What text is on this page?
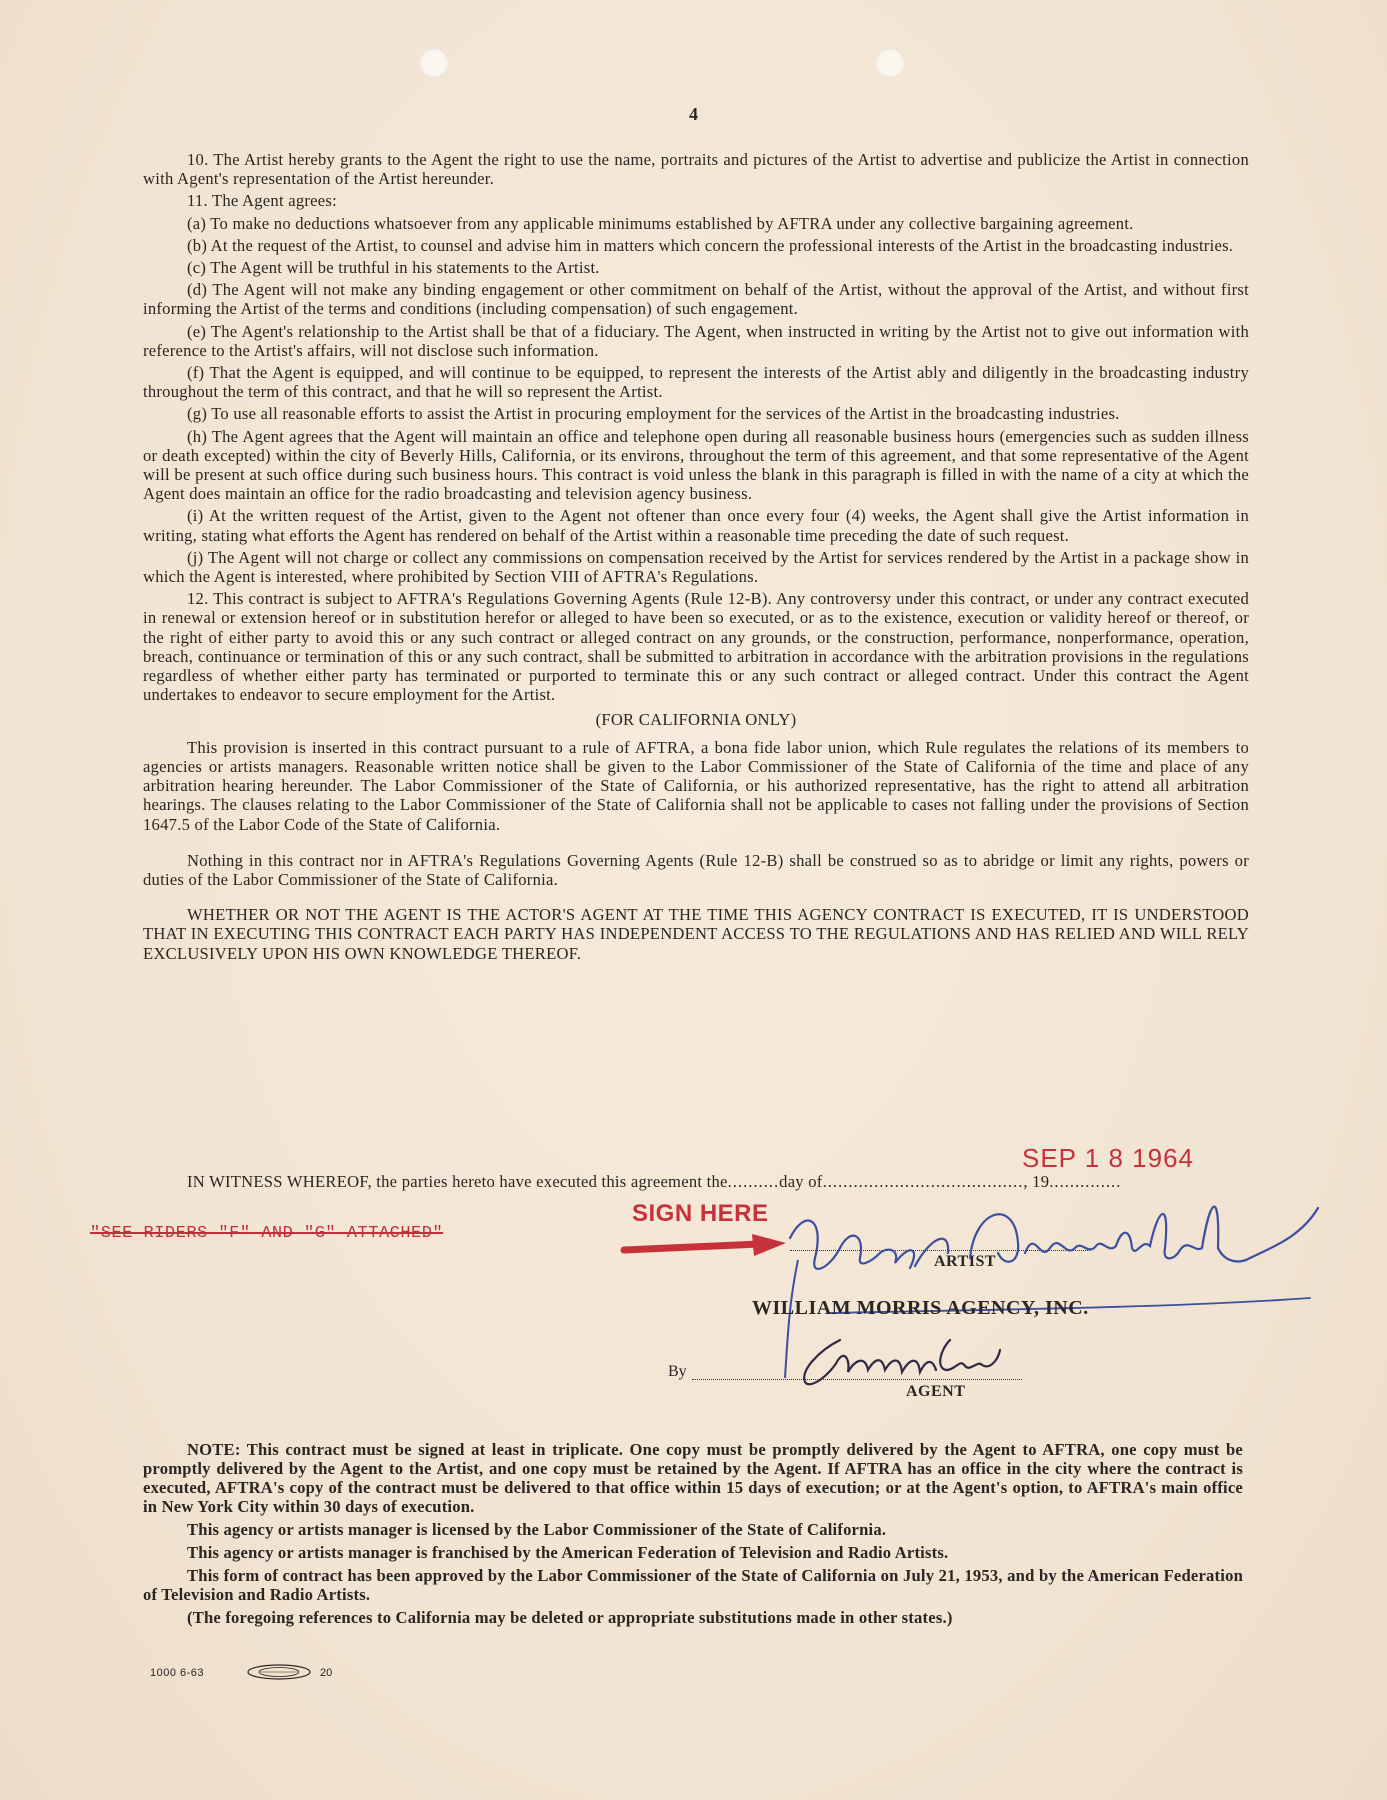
4

10. The Artist hereby grants to the Agent the right to use the name, portraits and pictures of the Artist to advertise and publicize the Artist in connection with Agent's representation of the Artist hereunder.

11. The Agent agrees:

(a) To make no deductions whatsoever from any applicable minimums established by AFTRA under any collective bargaining agreement.

(b) At the request of the Artist, to counsel and advise him in matters which concern the professional interests of the Artist in the broadcasting industries.

(c) The Agent will be truthful in his statements to the Artist.

(d) The Agent will not make any binding engagement or other commitment on behalf of the Artist, without the approval of the Artist, and without first informing the Artist of the terms and conditions (including compensation) of such engagement.

(e) The Agent's relationship to the Artist shall be that of a fiduciary. The Agent, when instructed in writing by the Artist not to give out information with reference to the Artist's affairs, will not disclose such information.

(f) That the Agent is equipped, and will continue to be equipped, to represent the interests of the Artist ably and diligently in the broadcasting industry throughout the term of this contract, and that he will so represent the Artist.

(g) To use all reasonable efforts to assist the Artist in procuring employment for the services of the Artist in the broadcasting industries.

(h) The Agent agrees that the Agent will maintain an office and telephone open during all reasonable business hours (emergencies such as sudden illness or death excepted) within the city of Beverly Hills, California, or its environs, throughout the term of this agreement, and that some representative of the Agent will be present at such office during such business hours. This contract is void unless the blank in this paragraph is filled in with the name of a city at which the Agent does maintain an office for the radio broadcasting and television agency business.

(i) At the written request of the Artist, given to the Agent not oftener than once every four (4) weeks, the Agent shall give the Artist information in writing, stating what efforts the Agent has rendered on behalf of the Artist within a reasonable time preceding the date of such request.

(j) The Agent will not charge or collect any commissions on compensation received by the Artist for services rendered by the Artist in a package show in which the Agent is interested, where prohibited by Section VIII of AFTRA's Regulations.

12. This contract is subject to AFTRA's Regulations Governing Agents (Rule 12-B). Any controversy under this contract, or under any contract executed in renewal or extension hereof or in substitution herefor or alleged to have been so executed, or as to the existence, execution or validity hereof or thereof, or the right of either party to avoid this or any such contract or alleged contract on any grounds, or the construction, performance, nonperformance, operation, breach, continuance or termination of this or any such contract, shall be submitted to arbitration in accordance with the arbitration provisions in the regulations regardless of whether either party has terminated or purported to terminate this or any such contract or alleged contract. Under this contract the Agent undertakes to endeavor to secure employment for the Artist.

(FOR CALIFORNIA ONLY)

This provision is inserted in this contract pursuant to a rule of AFTRA, a bona fide labor union, which Rule regulates the relations of its members to agencies or artists managers. Reasonable written notice shall be given to the Labor Commissioner of the State of California of the time and place of any arbitration hearing hereunder. The Labor Commissioner of the State of California, or his authorized representative, has the right to attend all arbitration hearings. The clauses relating to the Labor Commissioner of the State of California shall not be applicable to cases not falling under the provisions of Section 1647.5 of the Labor Code of the State of California.

Nothing in this contract nor in AFTRA's Regulations Governing Agents (Rule 12-B) shall be construed so as to abridge or limit any rights, powers or duties of the Labor Commissioner of the State of California.

WHETHER OR NOT THE AGENT IS THE ACTOR'S AGENT AT THE TIME THIS AGENCY CONTRACT IS EXECUTED, IT IS UNDERSTOOD THAT IN EXECUTING THIS CONTRACT EACH PARTY HAS INDEPENDENT ACCESS TO THE REGULATIONS AND HAS RELIED AND WILL RELY EXCLUSIVELY UPON HIS OWN KNOWLEDGE THEREOF.

IN WITNESS WHEREOF, the parties hereto have executed this agreement the..........day of......................................., 19..............
SEP 1 8 1964
"SEE RIDERS "F" AND "G" ATTACHED"
SIGN HERE
ARTIST
WILLIAM MORRIS AGENCY, INC.
By
AGENT

NOTE: This contract must be signed at least in triplicate. One copy must be promptly delivered by the Agent to AFTRA, one copy must be promptly delivered by the Agent to the Artist, and one copy must be retained by the Agent. If AFTRA has an office in the city where the contract is executed, AFTRA's copy of the contract must be delivered to that office within 15 days of execution; or at the Agent's option, to AFTRA's main office in New York City within 30 days of execution.

This agency or artists manager is licensed by the Labor Commissioner of the State of California.

This agency or artists manager is franchised by the American Federation of Television and Radio Artists.

This form of contract has been approved by the Labor Commissioner of the State of California on July 21, 1953, and by the American Federation of Television and Radio Artists.

(The foregoing references to California may be deleted or appropriate substitutions made in other states.)

1000 6-63	20
